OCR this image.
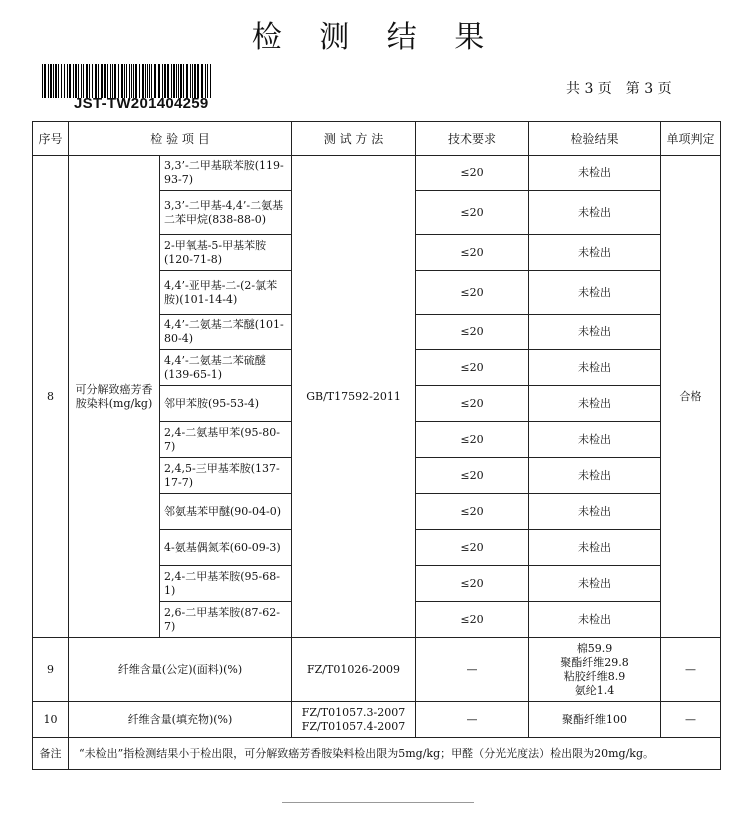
检 测 结 果
JST-TW201404259
共 3 页　第 3 页
序号	检 验 项 目		测 试 方 法	技术要求	检验结果	单项判定
8	可分解致癌芳香胺染料(mg/kg)	3,3’-二甲基联苯胺(119-93-7)	GB/T17592-2011	≤20	未检出	合格
		3,3’-二甲基-4,4’-二氨基二苯甲烷(838-88-0)		≤20	未检出	
		2-甲氧基-5-甲基苯胺(120-71-8)		≤20	未检出	
		4,4’-亚甲基-二-(2-氯苯胺)(101-14-4)		≤20	未检出	
		4,4’-二氨基二苯醚(101-80-4)		≤20	未检出	
		4,4’-二氨基二苯硫醚(139-65-1)		≤20	未检出	
		邻甲苯胺(95-53-4)		≤20	未检出	
		2,4-二氨基甲苯(95-80-7)		≤20	未检出	
		2,4,5-三甲基苯胺(137-17-7)		≤20	未检出	
		邻氨基苯甲醚(90-04-0)		≤20	未检出	
		4-氨基偶氮苯(60-09-3)		≤20	未检出	
		2,4-二甲基苯胺(95-68-1)		≤20	未检出	
		2,6-二甲基苯胺(87-62-7)		≤20	未检出	
9	纤维含量(公定)(面料)(%)		FZ/T01026-2009	—	棉59.9
聚酯纤维29.8
粘胶纤维8.9
氨纶1.4	—
10	纤维含量(填充物)(%)		FZ/T01057.3-2007
FZ/T01057.4-2007	—	聚酯纤维100	—
备注	“未检出”指检测结果小于检出限，可分解致癌芳香胺染料检出限为5mg/kg；甲醛（分光光度法）检出限为20mg/kg。					
